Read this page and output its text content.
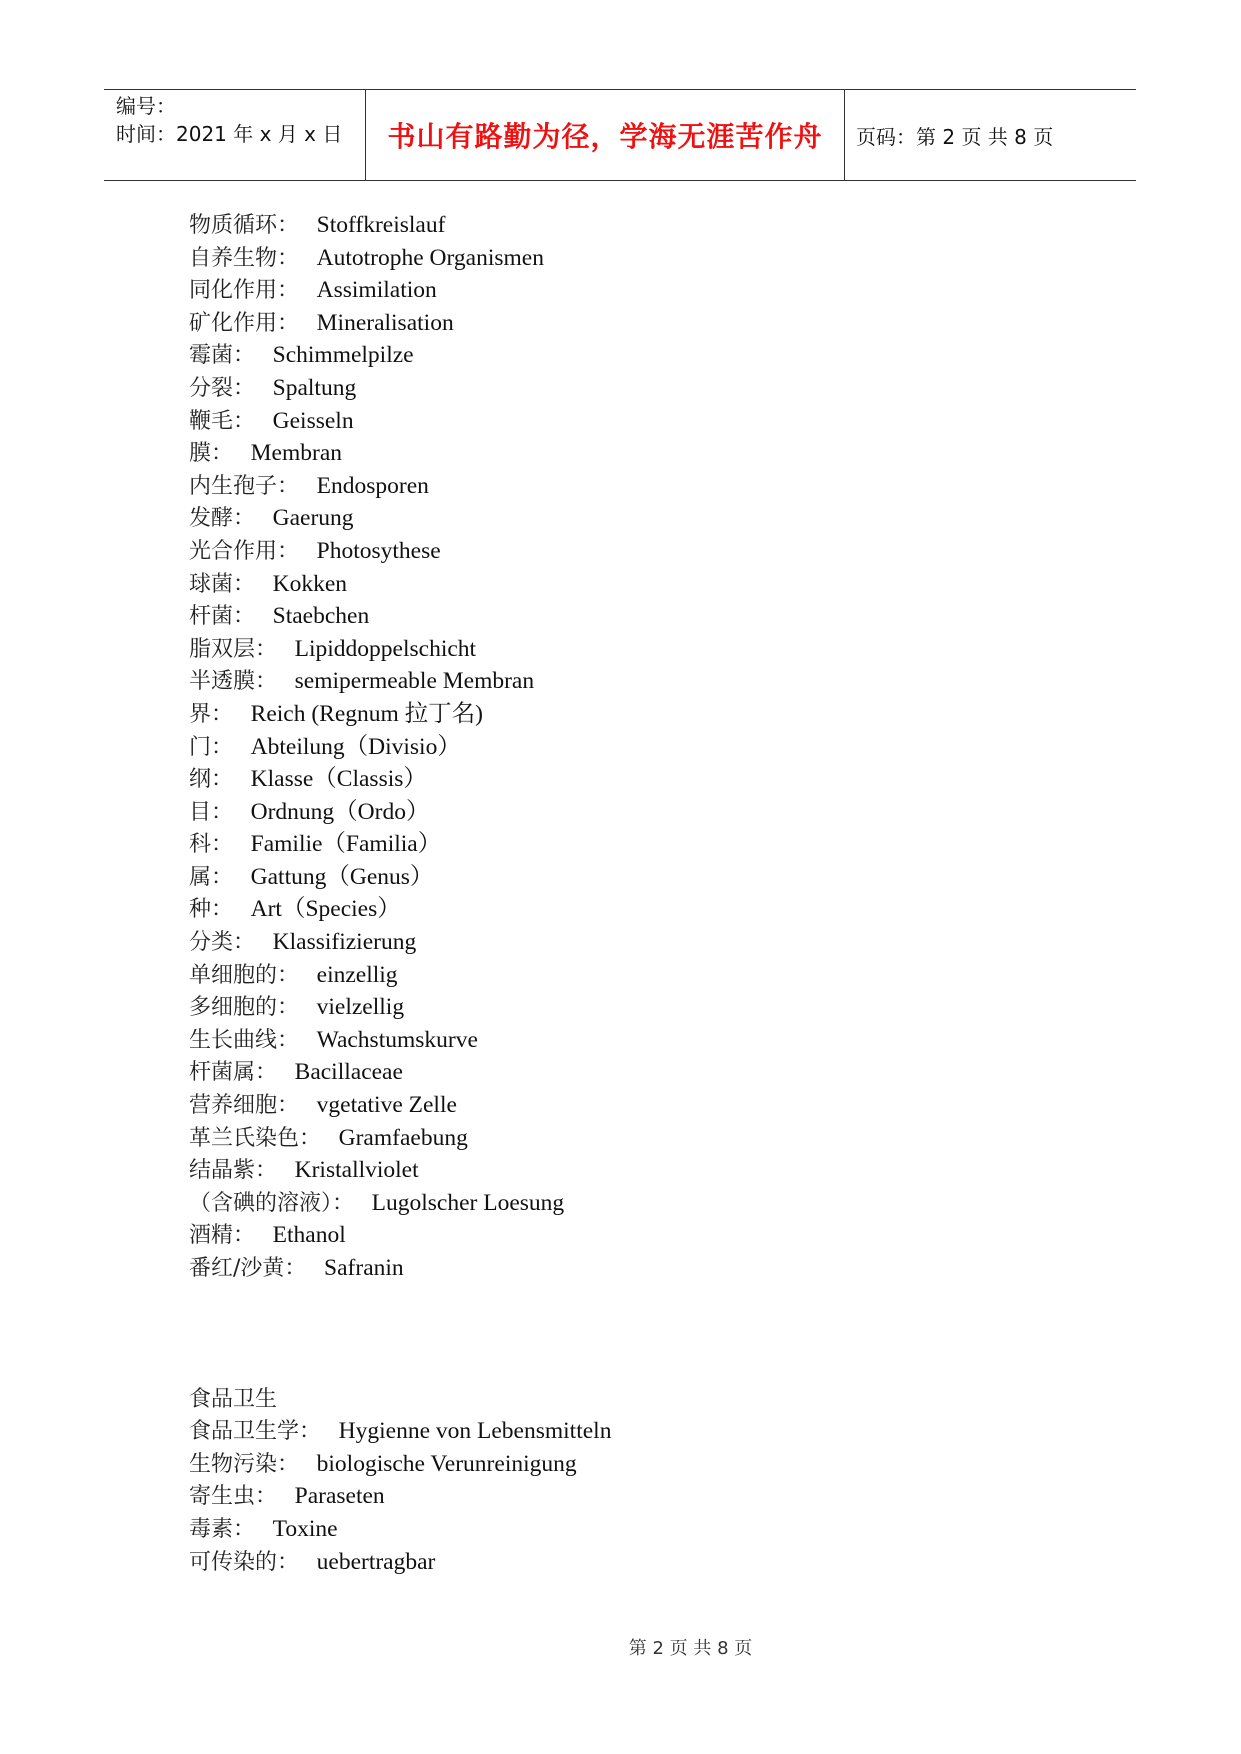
编号：
时间：2021 年 x 月 x 日	书山有路勤为径，学海无涯苦作舟 页码：第 2 页 共 8 页
物质循环： Stoffkreislauf
自养生物： Autotrophe Organismen
同化作用： Assimilation
矿化作用： Mineralisation
霉菌： Schimmelpilze
分裂： Spaltung
鞭毛： Geisseln
膜： Membran
内生孢子： Endosporen
发酵： Gaerung
光合作用： Photosythese
球菌： Kokken
杆菌： Staebchen
脂双层： Lipiddoppelschicht
半透膜： semipermeable Membran
界： Reich (Regnum 拉丁名)
门： Abteilung（Divisio）
纲： Klasse（Classis）
目： Ordnung（Ordo）
科： Familie（Familia）
属： Gattung（Genus）
种： Art（Species）
分类： Klassifizierung
单细胞的： einzellig
多细胞的： vielzellig
生长曲线： Wachstumskurve
杆菌属： Bacillaceae
营养细胞： vgetative Zelle
革兰氏染色： Gramfaebung
结晶紫： Kristallviolet
（含碘的溶液）： Lugolscher Loesung
酒精： Ethanol
番红/沙黄： Safranin
食品卫生
食品卫生学： Hygienne von Lebensmitteln
生物污染： biologische Verunreinigung
寄生虫： Paraseten
毒素： Toxine
可传染的： uebertragbar
第 2 页 共 8 页
